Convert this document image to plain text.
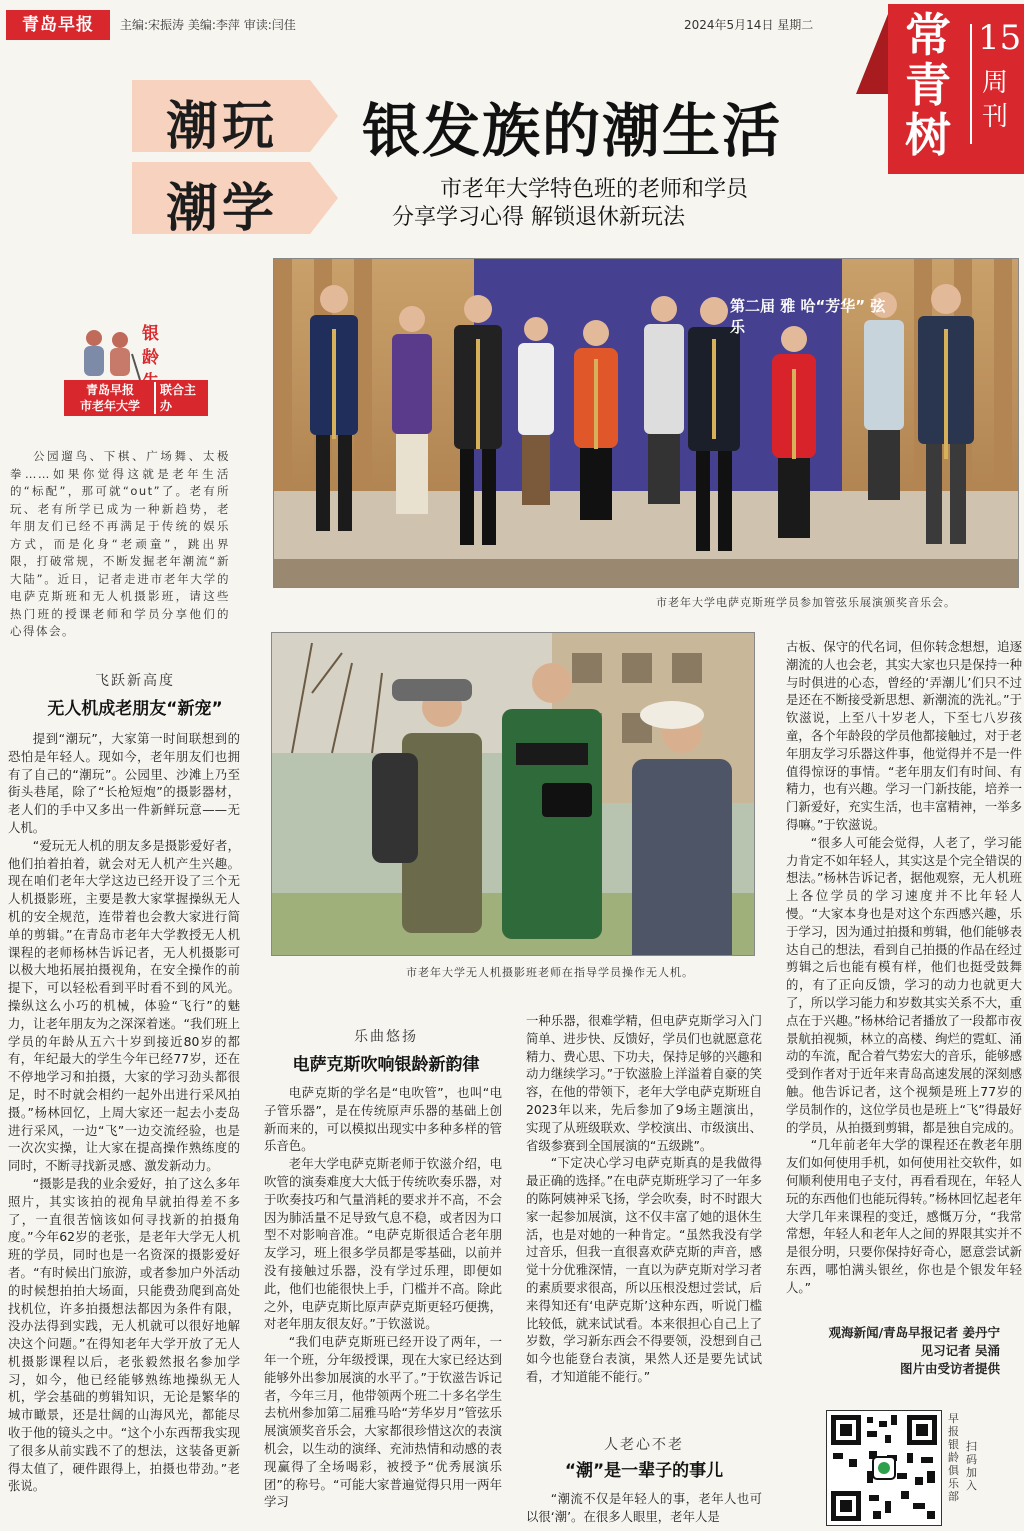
青岛早报	主编:宋振涛 美编:李萍 审读:闫佳	2024年5月14日 星期二 常青树
15
周刊
潮玩
潮学
银发族的潮生活
市老年大学特色班的老师和学员
分享学习心得 解锁退休新玩法
第二届 雅 哈“芳华” 弦乐
市老年大学电萨克斯班学员参加管弦乐展演颁奖音乐会。
银龄
青岛早报
市老年大学
联合主办

公园遛鸟、下棋、广场舞、太极拳……如果你觉得这就是老年生活的“标配”，那可就“out”了。老有所玩、老有所学已成为一种新趋势，老年朋友们已经不再满足于传统的娱乐方式，而是化身“老顽童”，跳出界限，打破常规，不断发掘老年潮流“新大陆”。近日，记者走进市老年大学的电萨克斯班和无人机摄影班，请这些热门班的授课老师和学员分享他们的心得体会。

飞跃新高度
无人机成老朋友“新宠”

提到“潮玩”，大家第一时间联想到的恐怕是年轻人。现如今，老年朋友们也拥有了自己的“潮玩”。公园里、沙滩上乃至街头巷尾，除了“长枪短炮”的摄影器材，老人们的手中又多出一件新鲜玩意——无人机。

“爱玩无人机的朋友多是摄影爱好者，他们拍着拍着，就会对无人机产生兴趣。现在咱们老年大学这边已经开设了三个无人机摄影班，主要是教大家掌握操纵无人机的安全规范，连带着也会教大家进行简单的剪辑。”在青岛市老年大学教授无人机课程的老师杨林告诉记者，无人机摄影可以极大地拓展拍摄视角，在安全操作的前提下，可以轻松看到平时看不到的风光。操纵这么小巧的机械，体验“飞行”的魅力，让老年朋友为之深深着迷。“我们班上学员的年龄从五六十岁到接近80岁的都有，年纪最大的学生今年已经77岁，还在不停地学习和拍摄，大家的学习劲头都很足，时不时就会相约一起外出进行采风拍摄。”杨林回忆，上周大家还一起去小麦岛进行采风，一边“飞”一边交流经验，也是一次次实操，让大家在提高操作熟练度的同时，不断寻找新灵感、激发新动力。

“摄影是我的业余爱好，拍了这么多年照片，其实该拍的视角早就拍得差不多了，一直很苦恼该如何寻找新的拍摄角度。”今年62岁的老张，是老年大学无人机班的学员，同时也是一名资深的摄影爱好者。“有时候出门旅游，或者参加户外活动的时候想拍拍大场面，只能费劲爬到高处找机位，许多拍摄想法都因为条件有限，没办法得到实践，无人机就可以很好地解决这个问题。”在得知老年大学开放了无人机摄影课程以后，老张毅然报名参加学习，如今，他已经能够熟练地操纵无人机，学会基础的剪辑知识，无论是繁华的城市瞰景，还是壮阔的山海风光，都能尽收于他的镜头之中。“这个小东西帮我实现了很多从前实践不了的想法，这装备更新得太值了，硬件跟得上，拍摄也带劲。”老张说。

市老年大学无人机摄影班老师在指导学员操作无人机。
乐曲悠扬
电萨克斯吹响银龄新韵律

电萨克斯的学名是“电吹管”，也叫“电子管乐器”，是在传统原声乐器的基础上创新而来的，可以模拟出现实中多种多样的管乐音色。

老年大学电萨克斯老师于钦滋介绍，电吹管的演奏难度大大低于传统吹奏乐器，对于吹奏技巧和气量消耗的要求并不高，不会因为肺活量不足导致气息不稳，或者因为口型不对影响音准。“电萨克斯很适合老年朋友学习，班上很多学员都是零基础，以前并没有接触过乐器，没有学过乐理，即便如此，他们也能很快上手，门槛并不高。除此之外，电萨克斯比原声萨克斯更轻巧便携，对老年朋友很友好。”于钦滋说。

“我们电萨克斯班已经开设了两年，一年一个班，分年级授课，现在大家已经达到能够外出参加展演的水平了。”于钦滋告诉记者，今年三月，他带领两个班二十多名学生去杭州参加第二届雅马哈“芳华岁月”管弦乐展演颁奖音乐会，大家都很珍惜这次的表演机会，以生动的演绎、充沛热情和动感的表现赢得了全场喝彩，被授予“优秀展演乐团”的称号。“可能大家普遍觉得只用一两年学习

一种乐器，很难学精，但电萨克斯学习入门简单、进步快、反馈好，学员们也就愿意花精力、费心思、下功夫，保持足够的兴趣和动力继续学习。”于钦滋脸上洋溢着自豪的笑容，在他的带领下，老年大学电萨克斯班自2023年以来，先后参加了9场主题演出，实现了从班级联欢、学校演出、市级演出、省级参赛到全国展演的“五级跳”。

“下定决心学习电萨克斯真的是我做得最正确的选择。”在电萨克斯班学习了一年多的陈阿姨神采飞扬，学会吹奏，时不时跟大家一起参加展演，这不仅丰富了她的退休生活，也是对她的一种肯定。“虽然我没有学过音乐，但我一直很喜欢萨克斯的声音，感觉十分优雅深情，一直以为萨克斯对学习者的素质要求很高，所以压根没想过尝试，后来得知还有‘电萨克斯’这种东西，听说门槛比较低，就来试试看。本来很担心自己上了岁数，学习新东西会不得要领，没想到自己如今也能登台表演，果然人还是要先试试看，才知道能不能行。”

人老心不老
“潮”是一辈子的事儿

“潮流不仅是年轻人的事，老年人也可以很‘潮’。在很多人眼里，老年人是

古板、保守的代名词，但你转念想想，追逐潮流的人也会老，其实大家也只是保持一种与时俱进的心态，曾经的‘弄潮儿’们只不过是还在不断接受新思想、新潮流的洗礼。”于钦滋说，上至八十岁老人，下至七八岁孩童，各个年龄段的学员他都接触过，对于老年朋友学习乐器这件事，他觉得并不是一件值得惊讶的事情。“老年朋友们有时间、有精力，也有兴趣。学习一门新技能，培养一门新爱好，充实生活，也丰富精神，一举多得嘛。”于钦滋说。

“很多人可能会觉得，人老了，学习能力肯定不如年轻人，其实这是个完全错误的想法。”杨林告诉记者，据他观察，无人机班上各位学员的学习速度并不比年轻人慢。“大家本身也是对这个东西感兴趣，乐于学习，因为通过拍摄和剪辑，他们能够表达自己的想法，看到自己拍摄的作品在经过剪辑之后也能有模有样，他们也挺受鼓舞的，有了正向反馈，学习的动力也就更大了，所以学习能力和岁数其实关系不大，重点在于兴趣。”杨林给记者播放了一段都市夜景航拍视频，林立的高楼、绚烂的霓虹、涌动的车流，配合着气势宏大的音乐，能够感受到作者对于近年来青岛高速发展的深刻感触。他告诉记者，这个视频是班上77岁的学员制作的，这位学员也是班上“飞”得最好的学员，从拍摄到剪辑，都是独自完成的。

“几年前老年大学的课程还在教老年朋友们如何使用手机，如何使用社交软件，如何顺利使用电子支付，再看看现在，年轻人玩的东西他们也能玩得转。”杨林回忆起老年大学几年来课程的变迁，感慨万分，“我常常想，年轻人和老年人之间的界限其实并不是很分明，只要你保持好奇心，愿意尝试新东西，哪怕满头银丝，你也是个银发年轻人。”

观海新闻/青岛早报记者 姜丹宁
见习记者 吴涌
图片由受访者提供
早报银龄俱乐部
扫码加入
